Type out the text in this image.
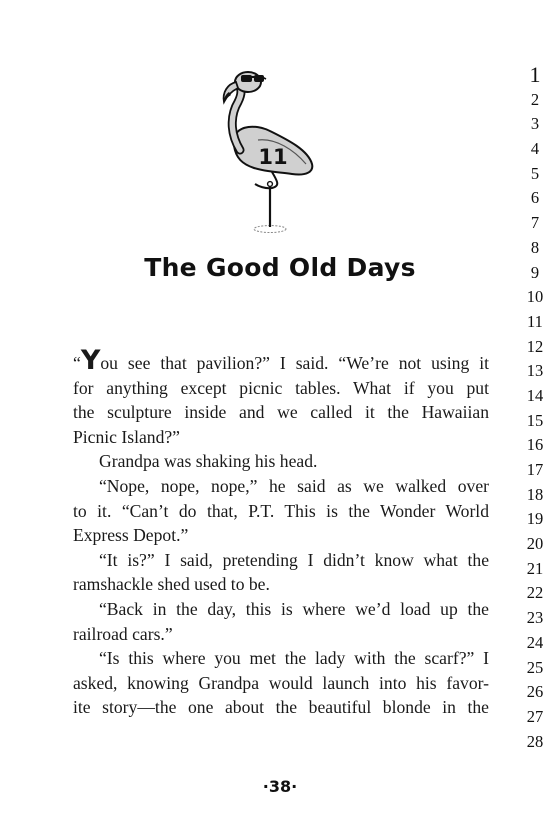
11
The Good Old Days
“You see that pavilion?” I said. “We’re not using it
for anything except picnic tables. What if you put
the sculpture inside and we called it the Hawaiian
Picnic Island?”
Grandpa was shaking his head.
“Nope, nope, nope,” he said as we walked over
to it. “Can’t do that, P.T. This is the Wonder World
Express Depot.”
“It is?” I said, pretending I didn’t know what the
ramshackle shed used to be.
“Back in the day, this is where we’d load up the
railroad cars.”
“Is this where you met the lady with the scarf?” I
asked, knowing Grandpa would launch into his favor-
ite story—the one about the beautiful blonde in the
1
2
3
4
5
6
7
8
9
10
11
12
13
14
15
16
17
18
19
20
21
22
23
24
25
26
27
28
·38·
